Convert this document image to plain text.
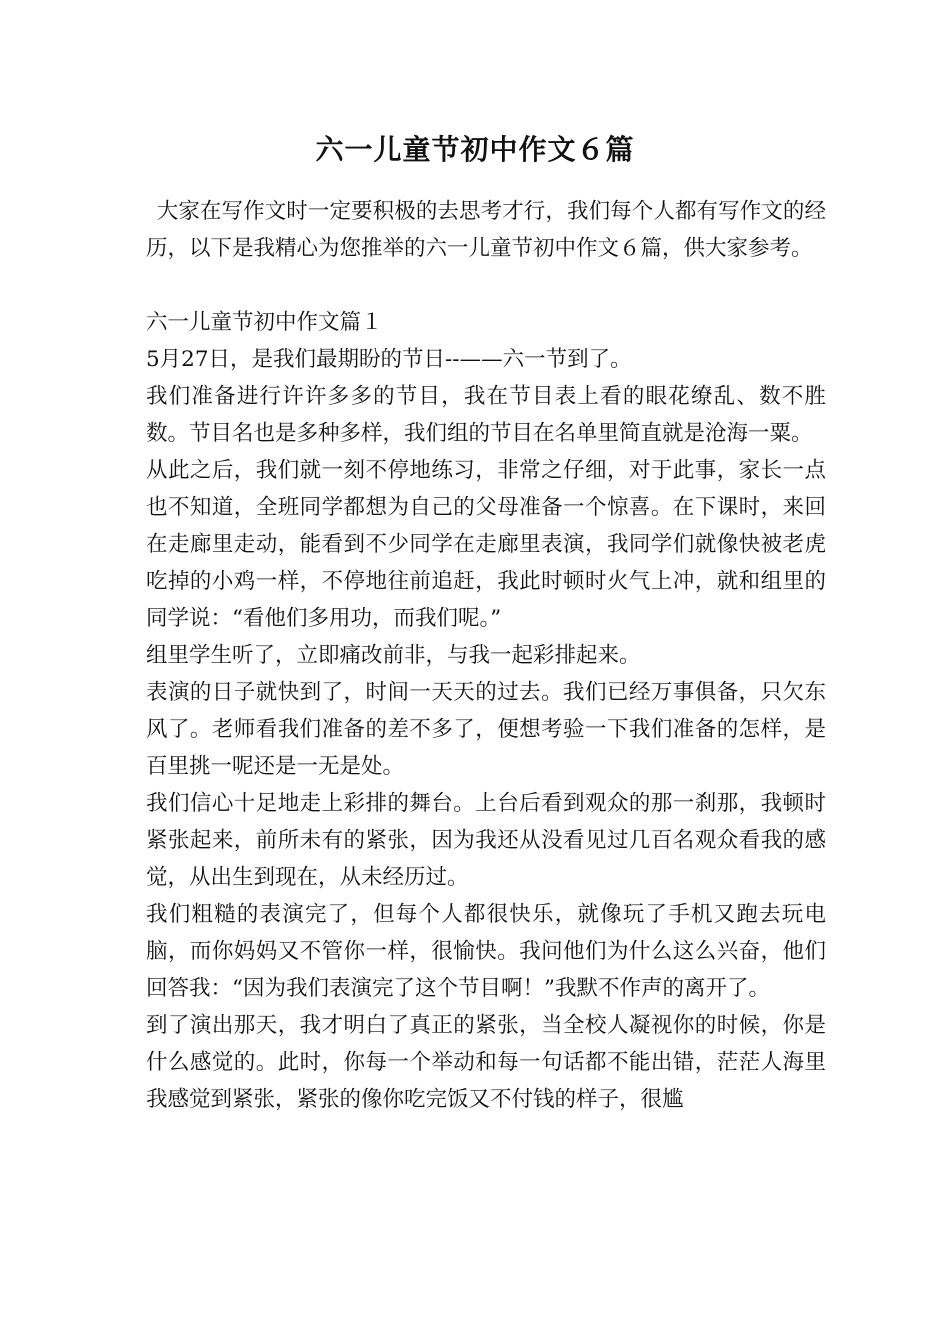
六一儿童节初中作文６篇

大家在写作文时一定要积极的去思考才行，我们每个人都有写作文的经历，以下是我精心为您推举的六一儿童节初中作文６篇，供大家参考。

六一儿童节初中作文篇１

5月27日，是我们最期盼的节日--——六一节到了。

我们准备进行许许多多的节目，我在节目表上看的眼花缭乱、数不胜数。节目名也是多种多样，我们组的节目在名单里简直就是沧海一粟。

从此之后，我们就一刻不停地练习，非常之仔细，对于此事，家长一点也不知道，全班同学都想为自己的父母准备一个惊喜。在下课时，来回在走廊里走动，能看到不少同学在走廊里表演，我同学们就像快被老虎吃掉的小鸡一样，不停地往前追赶，我此时顿时火气上冲，就和组里的同学说：“看他们多用功，而我们呢。”

组里学生听了，立即痛改前非，与我一起彩排起来。

表演的日子就快到了，时间一天天的过去。我们已经万事俱备，只欠东风了。老师看我们准备的差不多了，便想考验一下我们准备的怎样，是百里挑一呢还是一无是处。

我们信心十足地走上彩排的舞台。上台后看到观众的那一刹那，我顿时紧张起来，前所未有的紧张，因为我还从没看见过几百名观众看我的感觉，从出生到现在，从未经历过。

我们粗糙的表演完了，但每个人都很快乐，就像玩了手机又跑去玩电脑，而你妈妈又不管你一样，很愉快。我问他们为什么这么兴奋，他们回答我：“因为我们表演完了这个节目啊！”我默不作声的离开了。

到了演出那天，我才明白了真正的紧张，当全校人凝视你的时候，你是什么感觉的。此时，你每一个举动和每一句话都不能出错，茫茫人海里我感觉到紧张，紧张的像你吃完饭又不付钱的样子，很尴
